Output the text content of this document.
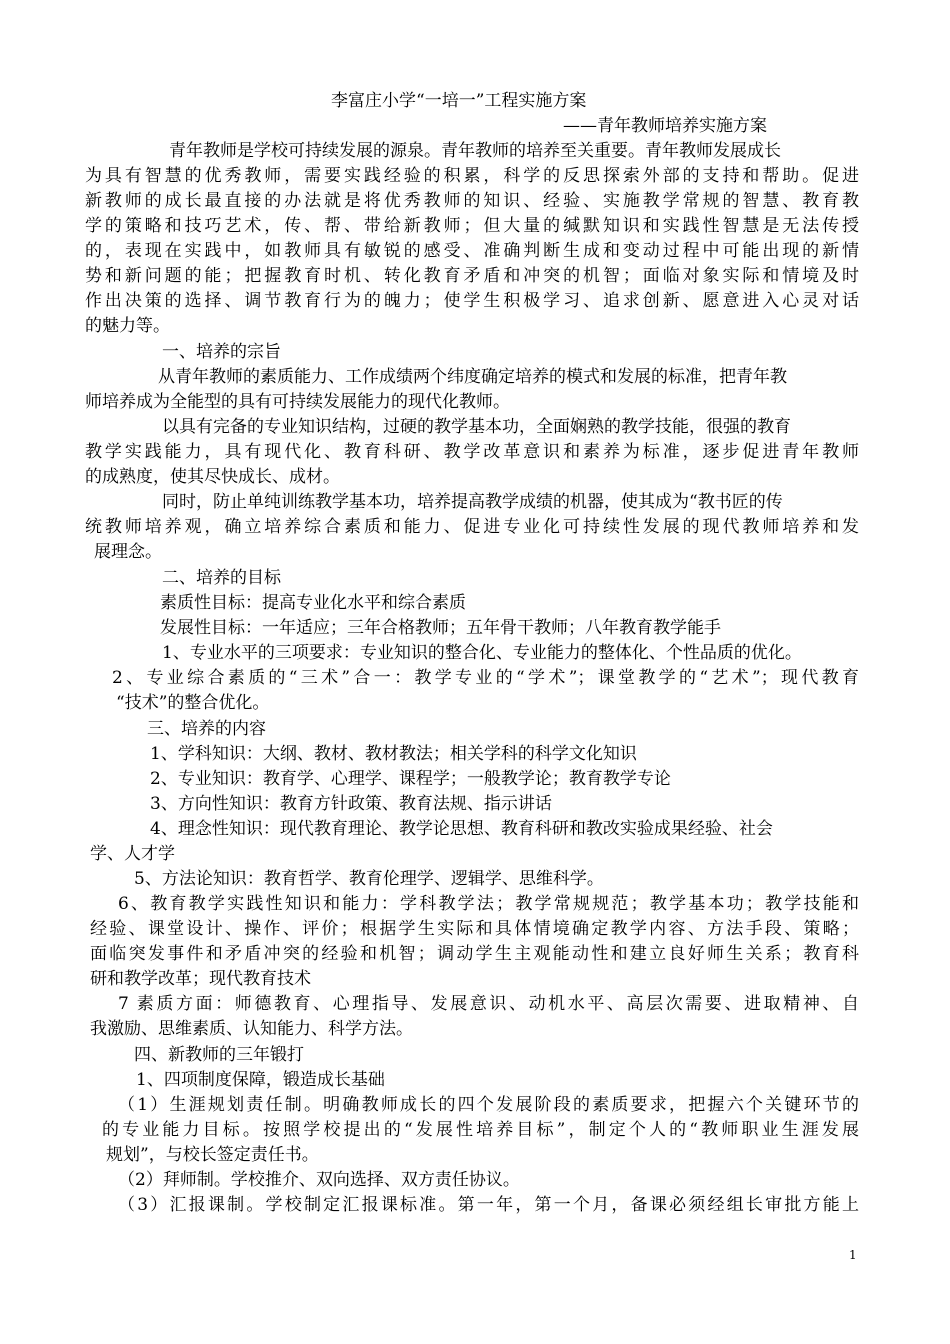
李富庄小学“一培一”工程实施方案

——青年教师培养实施方案

青年教师是学校可持续发展的源泉。青年教师的培养至关重要。青年教师发展成长

为具有智慧的优秀教师，需要实践经验的积累，科学的反思探索外部的支持和帮助。促进

新教师的成长最直接的办法就是将优秀教师的知识、经验、实施教学常规的智慧、教育教

学的策略和技巧艺术，传、帮、带给新教师；但大量的缄默知识和实践性智慧是无法传授

的，表现在实践中，如教师具有敏锐的感受、准确判断生成和变动过程中可能出现的新情

势和新问题的能；把握教育时机、转化教育矛盾和冲突的机智；面临对象实际和情境及时

作出决策的选择、调节教育行为的魄力；使学生积极学习、追求创新、愿意进入心灵对话

的魅力等。

一、培养的宗旨

从青年教师的素质能力、工作成绩两个纬度确定培养的模式和发展的标准，把青年教

师培养成为全能型的具有可持续发展能力的现代化教师。

以具有完备的专业知识结构，过硬的教学基本功，全面娴熟的教学技能，很强的教育

教学实践能力，具有现代化、教育科研、教学改革意识和素养为标准，逐步促进青年教师

的成熟度，使其尽快成长、成材。

同时，防止单纯训练教学基本功，培养提高教学成绩的机器，使其成为“教书匠的传

统教师培养观，确立培养综合素质和能力、促进专业化可持续性发展的现代教师培养和发

展理念。

二、培养的目标

素质性目标：提高专业化水平和综合素质

发展性目标：一年适应；三年合格教师；五年骨干教师；八年教育教学能手

1、专业水平的三项要求：专业知识的整合化、专业能力的整体化、个性品质的优化。

2、专业综合素质的“三术”合一：教学专业的“学术”；课堂教学的“艺术”；现代教育

“技术”的整合优化。

三、培养的内容

1、学科知识：大纲、教材、教材教法；相关学科的科学文化知识

2、专业知识：教育学、心理学、课程学；一般教学论；教育教学专论

3、方向性知识：教育方针政策、教育法规、指示讲话

4、理念性知识：现代教育理论、教学论思想、教育科研和教改实验成果经验、社会

学、人才学

5、方法论知识：教育哲学、教育伦理学、逻辑学、思维科学。

6、教育教学实践性知识和能力：学科教学法；教学常规规范；教学基本功；教学技能和

经验、课堂设计、操作、评价；根据学生实际和具体情境确定教学内容、方法手段、策略；

面临突发事件和矛盾冲突的经验和机智；调动学生主观能动性和建立良好师生关系；教育科

研和教学改革；现代教育技术

7 素质方面：师德教育、心理指导、发展意识、动机水平、高层次需要、进取精神、自

我激励、思维素质、认知能力、科学方法。

四、新教师的三年锻打

1、四项制度保障，锻造成长基础

（1）生涯规划责任制。明确教师成长的四个发展阶段的素质要求，把握六个关键环节的

的专业能力目标。按照学校提出的“发展性培养目标”，制定个人的“教师职业生涯发展

规划”，与校长签定责任书。

（2）拜师制。学校推介、双向选择、双方责任协议。

（3）汇报课制。学校制定汇报课标准。第一年，第一个月，备课必须经组长审批方能上

1
